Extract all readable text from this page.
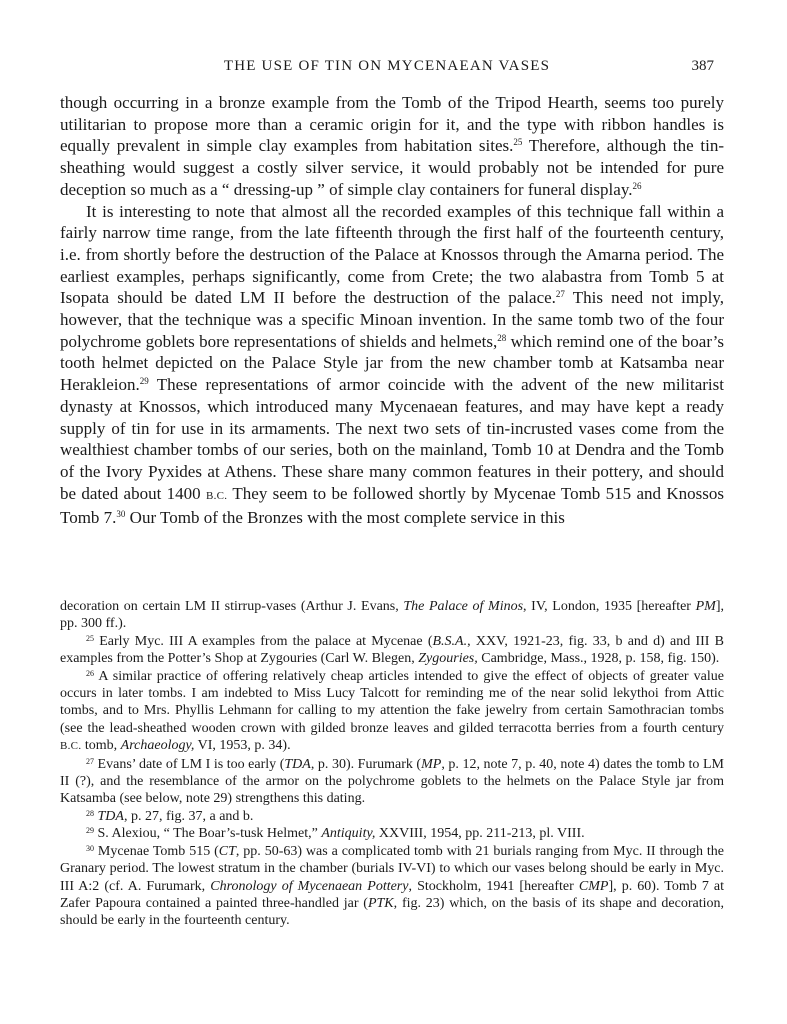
THE USE OF TIN ON MYCENAEAN VASES	387

though occurring in a bronze example from the Tomb of the Tripod Hearth, seems too purely utilitarian to propose more than a ceramic origin for it, and the type with ribbon handles is equally prevalent in simple clay examples from habitation sites.$^{25}$ Therefore, although the tin-sheathing would suggest a costly silver service, it would probably not be intended for pure deception so much as a “ dressing-up ” of simple clay containers for funeral display.$^{26}$

It is interesting to note that almost all the recorded examples of this technique fall within a fairly narrow time range, from the late fifteenth through the first half of the fourteenth century, i.e. from shortly before the destruction of the Palace at Knossos through the Amarna period. The earliest examples, perhaps significantly, come from Crete; the two alabastra from Tomb 5 at Isopata should be dated LM II before the destruction of the palace.$^{27}$ This need not imply, however, that the technique was a specific Minoan invention. In the same tomb two of the four polychrome goblets bore representations of shields and helmets,$^{28}$ which remind one of the boar’s tooth helmet depicted on the Palace Style jar from the new chamber tomb at Katsamba near Herakleion.$^{29}$ These representations of armor coincide with the advent of the new militarist dynasty at Knossos, which introduced many Mycenaean features, and may have kept a ready supply of tin for use in its armaments. The next two sets of tin-incrusted vases come from the wealthiest chamber tombs of our series, both on the mainland, Tomb 10 at Dendra and the Tomb of the Ivory Pyxides at Athens. These share many common features in their pottery, and should be dated about 1400 B.C. They seem to be followed shortly by Mycenae Tomb 515 and Knossos Tomb 7.30 Our Tomb of the Bronzes with the most complete service in this

decoration on certain LM II stirrup-vases (Arthur J. Evans, The Palace of Minos, IV, London, 1935 [hereafter PM], pp. 300 ff.).

$^{25}$ Early Myc. III A examples from the palace at Mycenae (B.S.A., XXV, 1921-23, fig. 33, b and d) and III B examples from the Potter’s Shop at Zygouries (Carl W. Blegen, Zygouries, Cambridge, Mass., 1928, p. 158, fig. 150).

$^{26}$ A similar practice of offering relatively cheap articles intended to give the effect of objects of greater value occurs in later tombs. I am indebted to Miss Lucy Talcott for reminding me of the near solid lekythoi from Attic tombs, and to Mrs. Phyllis Lehmann for calling to my attention the fake jewelry from certain Samothracian tombs (see the lead-sheathed wooden crown with gilded bronze leaves and gilded terracotta berries from a fourth century B.C. tomb, Archaeology, VI, 1953, p. 34).

$^{27}$ Evans’ date of LM I is too early (TDA, p. 30). Furumark (MP, p. 12, note 7, p. 40, note 4) dates the tomb to LM II (?), and the resemblance of the armor on the polychrome goblets to the helmets on the Palace Style jar from Katsamba (see below, note 29) strengthens this dating.

$^{28}$ TDA, p. 27, fig. 37, a and b.

$^{29}$ S. Alexiou, “ The Boar’s-tusk Helmet,” Antiquity, XXVIII, 1954, pp. 211-213, pl. VIII.

$^{30}$ Mycenae Tomb 515 (CT, pp. 50-63) was a complicated tomb with 21 burials ranging from Myc. II through the Granary period. The lowest stratum in the chamber (burials IV-VI) to which our vases belong should be early in Myc. III A:2 (cf. A. Furumark, Chronology of Mycenaean Pottery, Stockholm, 1941 [hereafter CMP], p. 60). Tomb 7 at Zafer Papoura contained a painted three-handled jar (PTK, fig. 23) which, on the basis of its shape and decoration, should be early in the fourteenth century.
